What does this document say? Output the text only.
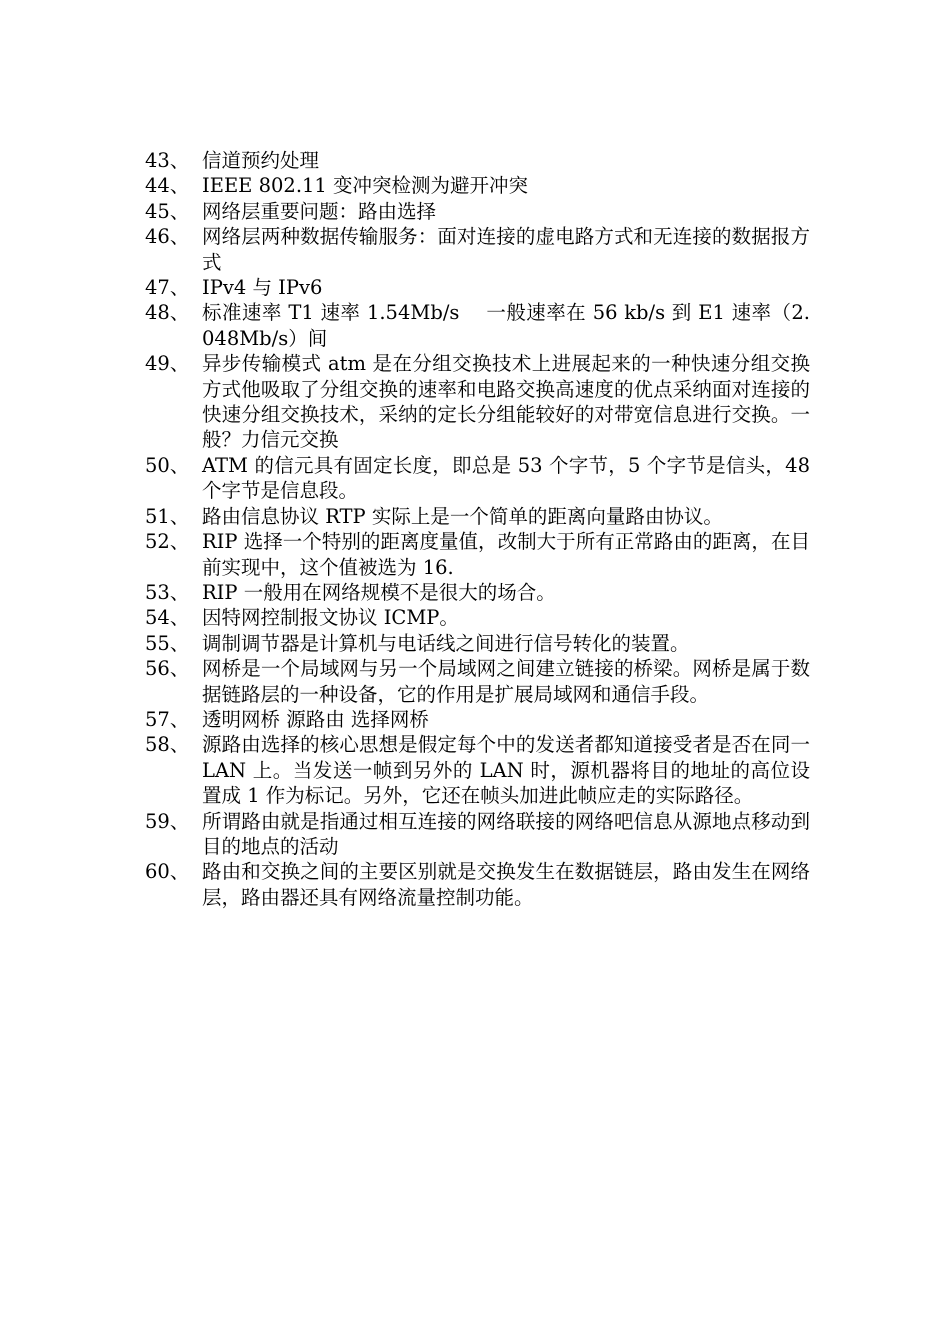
43、 信道预约处理
44、 IEEE 802.11 变冲突检测为避开冲突
45、 网络层重要问题：路由选择
46、 网络层两种数据传输服务：面对连接的虚电路方式和无连接的数据报方式
47、 IPv4 与 IPv6
48、 标准速率 T1 速率 1.54Mb/s　 一般速率在 56 kb/s 到 E1 速率（2.048Mb/s）间
49、 异步传输模式 atm 是在分组交换技术上进展起来的一种快速分组交换方式他吸取了分组交换的速率和电路交换高速度的优点采纳面对连接的快速分组交换技术，采纳的定长分组能较好的对带宽信息进行交换。一般？力信元交换
50、 ATM 的信元具有固定长度，即总是 53 个字节，5 个字节是信头，48 个字节是信息段。
51、 路由信息协议 RTP 实际上是一个简单的距离向量路由协议。
52、 RIP 选择一个特别的距离度量值，改制大于所有正常路由的距离，在目前实现中，这个值被选为 16.
53、 RIP 一般用在网络规模不是很大的场合。
54、 因特网控制报文协议 ICMP。
55、 调制调节器是计算机与电话线之间进行信号转化的装置。
56、 网桥是一个局域网与另一个局域网之间建立链接的桥梁。网桥是属于数据链路层的一种设备，它的作用是扩展局域网和通信手段。
57、 透明网桥 源路由 选择网桥
58、 源路由选择的核心思想是假定每个中的发送者都知道接受者是否在同一 LAN 上。当发送一帧到另外的 LAN 时，源机器将目的地址的高位设置成 1 作为标记。另外，它还在帧头加进此帧应走的实际路径。
59、 所谓路由就是指通过相互连接的网络联接的网络吧信息从源地点移动到目的地点的活动
60、 路由和交换之间的主要区别就是交换发生在数据链层，路由发生在网络层，路由器还具有网络流量控制功能。
